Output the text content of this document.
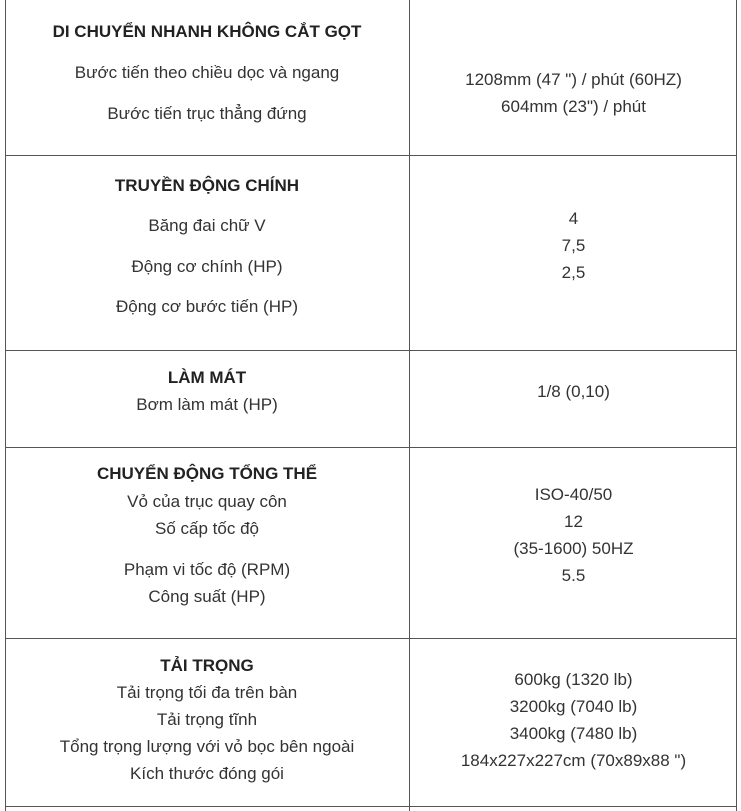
DI CHUYỂN NHANH KHÔNG CẮT GỌT
Bước tiến theo chiều dọc và ngang
Bước tiến trục thẳng đứng
1208mm (47 ") / phút (60HZ)
604mm (23") / phút
TRUYỀN ĐỘNG CHÍNH
Băng đai chữ V
Động cơ chính (HP)
Động cơ bước tiến (HP)
4
7,5
2,5
LÀM MÁT
Bơm làm mát (HP)
1/8 (0,10)
CHUYỂN ĐỘNG TỔNG THỂ
Vỏ của trục quay côn
Số cấp tốc độ
Phạm vi tốc độ (RPM)
Công suất (HP)
ISO-40/50
12
(35-1600) 50HZ
5.5
TẢI TRỌNG
Tải trọng tối đa trên bàn
Tải trọng tĩnh
Tổng trọng lượng với vỏ bọc bên ngoài
Kích thước đóng gói
600kg (1320 lb)
3200kg (7040 lb)
3400kg (7480 lb)
184x227x227cm (70x89x88 ")
